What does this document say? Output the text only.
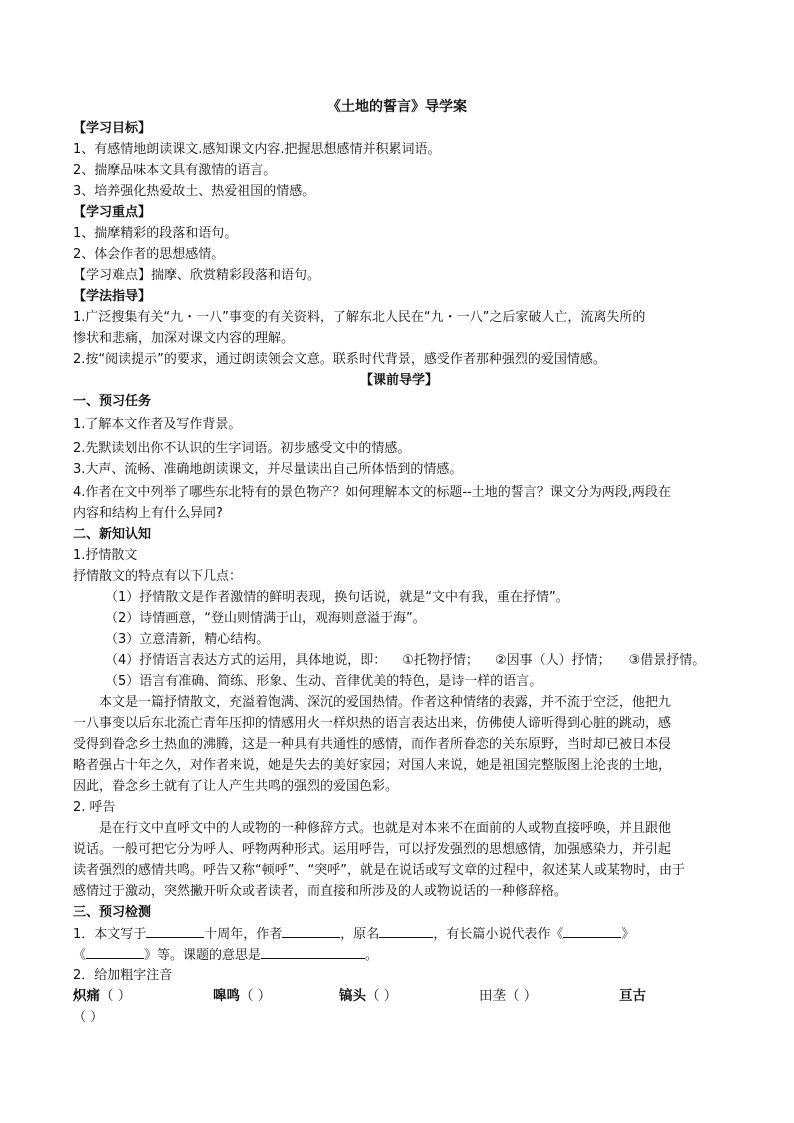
《土地的誓言》导学案
【学习目标】
1、有感情地朗读课文.感知课文内容.把握思想感情并积累词语。
2、揣摩品味本文具有激情的语言。
3、培养强化热爱故土、热爱祖国的情感。
【学习重点】
1、揣摩精彩的段落和语句。
2、体会作者的思想感情。
【学习难点】揣摩、欣赏精彩段落和语句。
【学法指导】
1.广泛搜集有关“九・一八”事变的有关资料，了解东北人民在“九・一八”之后家破人亡，流离失所的
惨状和悲痛，加深对课文内容的理解。
2.按“阅读提示”的要求，通过朗读领会文意。联系时代背景，感受作者那种强烈的爱国情感。
【课前导学】
一、预习任务
1.了解本文作者及写作背景。
2.先默读划出你不认识的生字词语。初步感受文中的情感。
3.大声、流畅、准确地朗读课文，并尽量读出自己所体悟到的情感。
4.作者在文中列举了哪些东北特有的景色物产？如何理解本文的标题--土地的誓言？课文分为两段,两段在
内容和结构上有什么异同?
二、新知认知
1.抒情散文
抒情散文的特点有以下几点：
（1）抒情散文是作者激情的鲜明表现，换句话说，就是“文中有我，重在抒情”。
（2）诗情画意，“登山则情满于山，观海则意溢于海”。
（3）立意清新，精心结构。
（4）抒情语言表达方式的运用，具体地说，即： ①托物抒情； ②因事（人）抒情； ③借景抒情。
（5）语言有准确、简练、形象、生动、音律优美的特色，是诗一样的语言。
本文是一篇抒情散文，充溢着饱满、深沉的爱国热情。作者这种情绪的表露，并不流于空泛，他把九
一八事变以后东北流亡青年压抑的情感用火一样炽热的语言表达出来，仿佛使人谛听得到心脏的跳动，感
受得到眷念乡土热血的沸腾，这是一种具有共通性的感情，而作者所眷恋的关东原野，当时却已被日本侵
略者强占十年之久，对作者来说，她是失去的美好家园；对国人来说，她是祖国完整版图上沦丧的土地，
因此，眷念乡土就有了让人产生共鸣的强烈的爱国色彩。
2. 呼告
是在行文中直呼文中的人或物的一种修辞方式。也就是对本来不在面前的人或物直接呼唤，并且跟他
说话。一般可把它分为呼人、呼物两种形式。运用呼告，可以抒发强烈的思想感情，加强感染力，并引起
读者强烈的感情共鸣。呼告又称“顿呼”、“突呼”，就是在说话或写文章的过程中，叙述某人或某物时，由于
感情过于激动，突然撇开听众或者读者，而直接和所涉及的人或物说话的一种修辞格。
三、预习检测
1．本文写于	十周年，作者	，原名	，有长篇小说代表作《	》
《	》等。课题的意思是	。
2．给加粗字注音
炽痛（ ）	嗥鸣（ ）	镐头（ ）	田垄（ ）	亘古
（ ）
